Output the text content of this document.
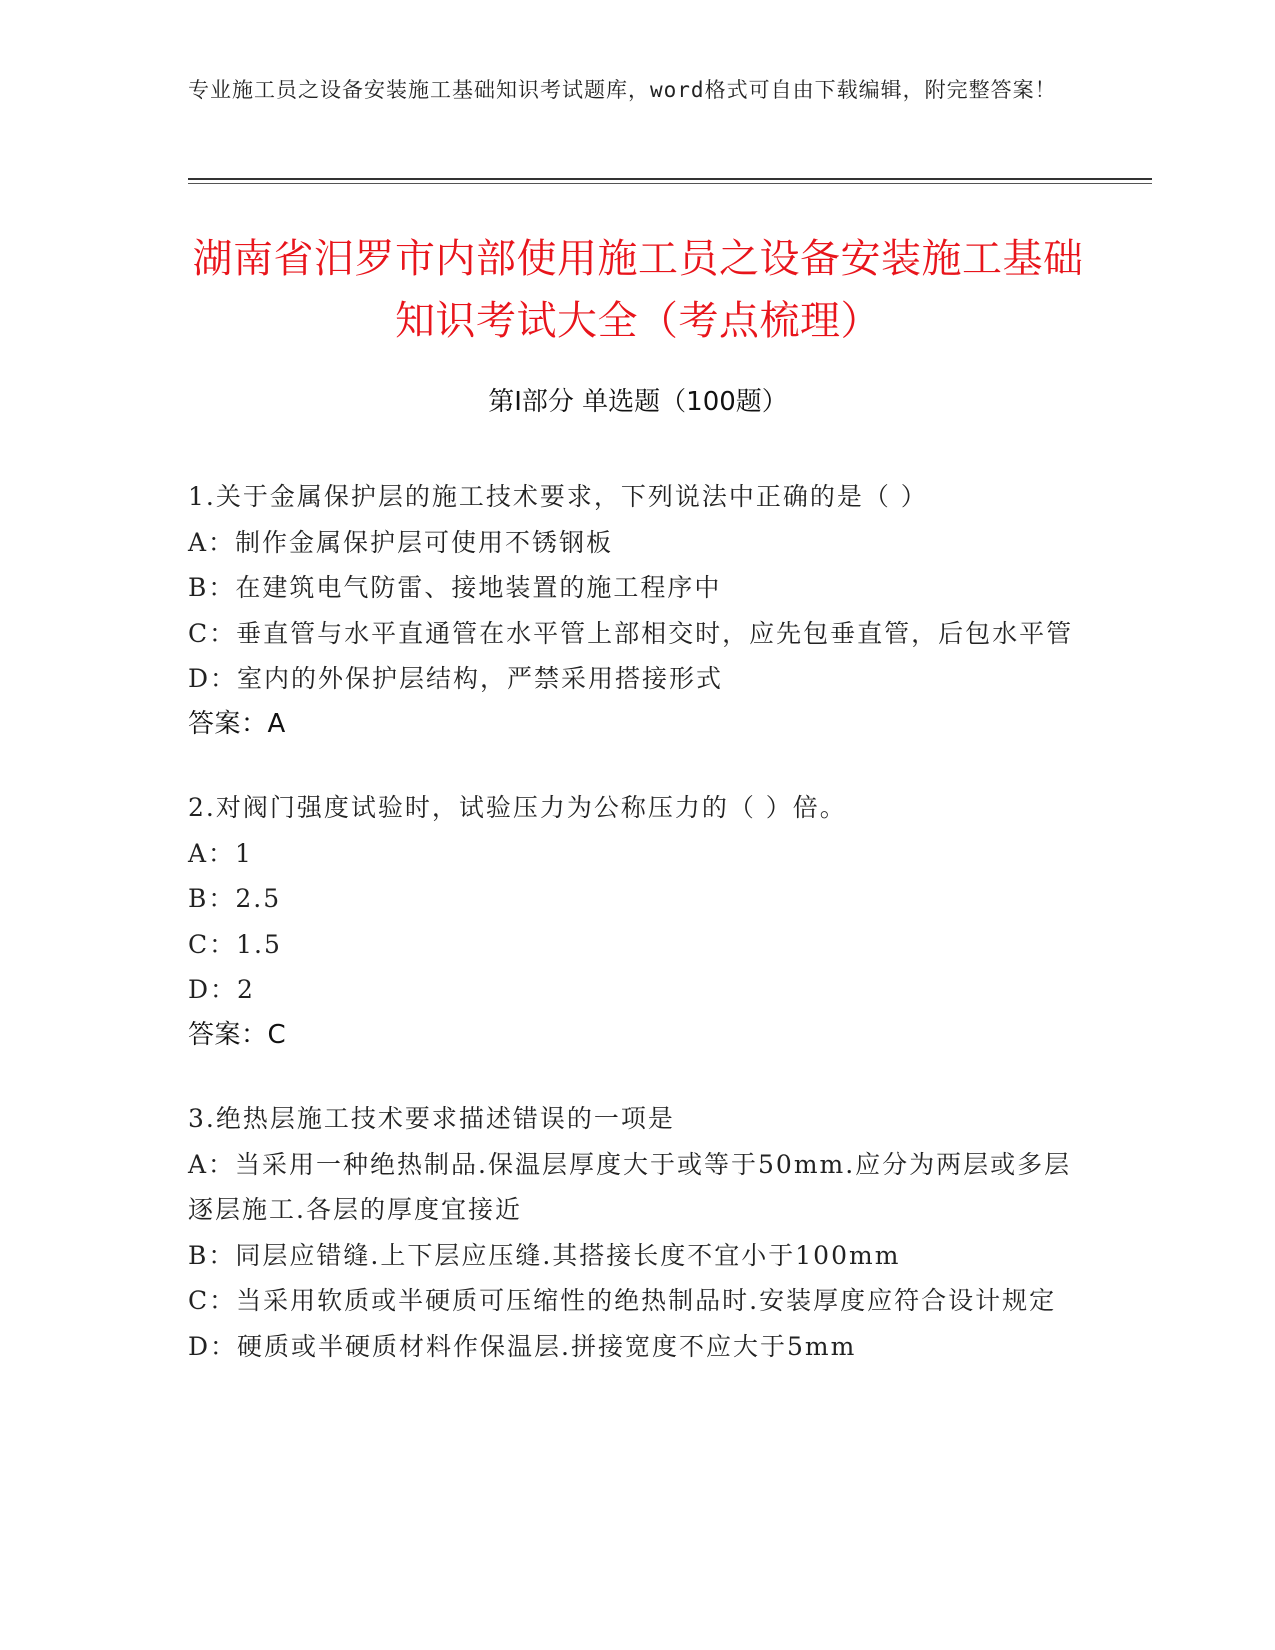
专业施工员之设备安装施工基础知识考试题库，word格式可自由下载编辑，附完整答案！
湖南省汨罗市内部使用施工员之设备安装施工基础知识考试大全（考点梳理）
第Ⅰ部分 单选题（100题）
1.关于金属保护层的施工技术要求，下列说法中正确的是（ ）
A：制作金属保护层可使用不锈钢板
B：在建筑电气防雷、接地装置的施工程序中
C：垂直管与水平直通管在水平管上部相交时，应先包垂直管，后包水平管
D：室内的外保护层结构，严禁采用搭接形式
答案：A
2.对阀门强度试验时，试验压力为公称压力的（ ）倍。
A：1
B：2.5
C：1.5
D：2
答案：C
3.绝热层施工技术要求描述错误的一项是
A：当采用一种绝热制品.保温层厚度大于或等于50mm.应分为两层或多层逐层施工.各层的厚度宜接近
B：同层应错缝.上下层应压缝.其搭接长度不宜小于100mm
C：当采用软质或半硬质可压缩性的绝热制品时.安装厚度应符合设计规定
D：硬质或半硬质材料作保温层.拼接宽度不应大于5mm
